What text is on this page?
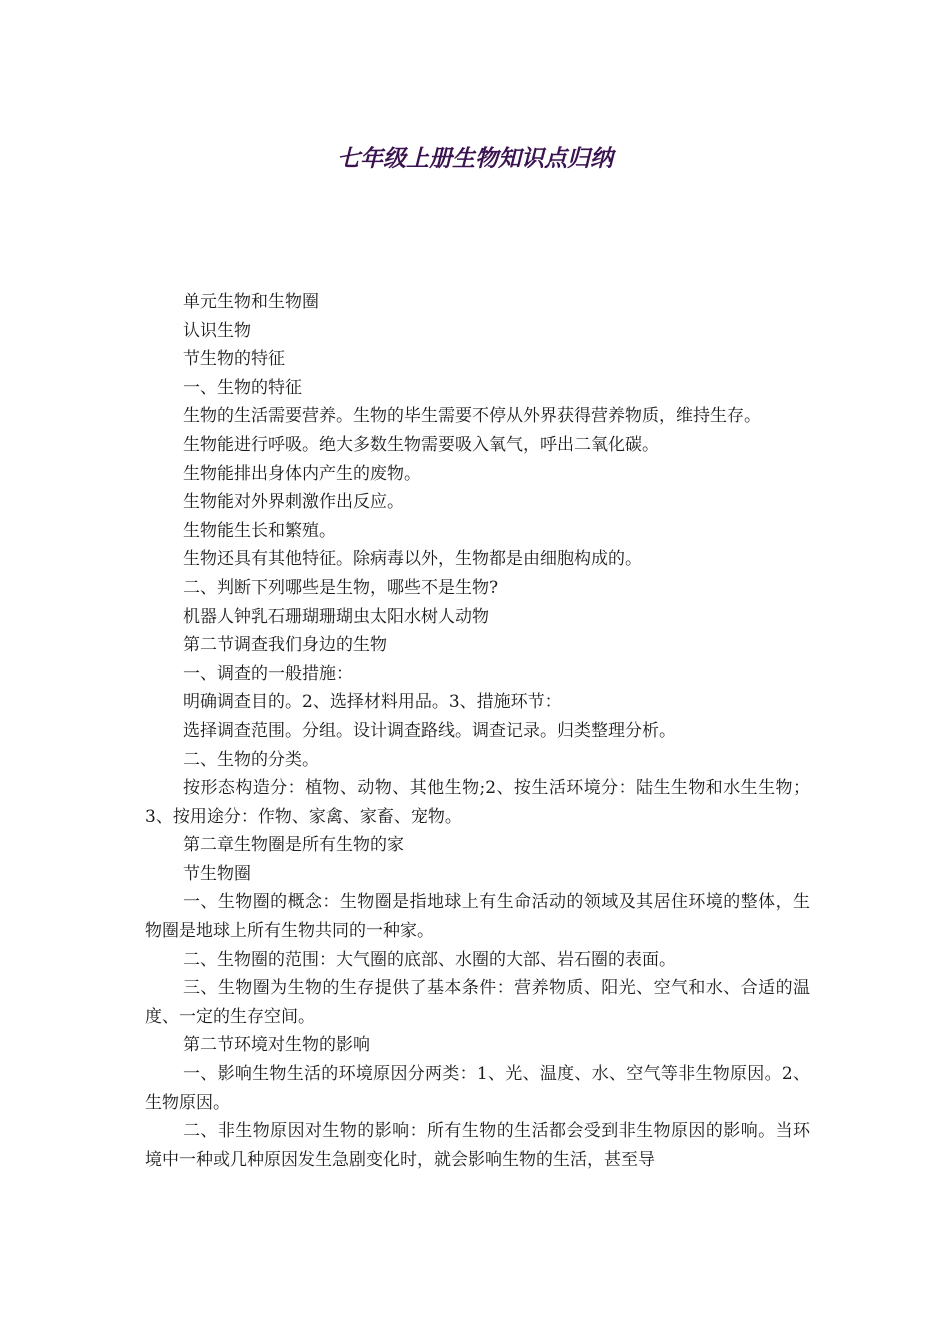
七年级上册生物知识点归纳

单元生物和生物圈

认识生物

节生物的特征

一、生物的特征

生物的生活需要营养。生物的毕生需要不停从外界获得营养物质，维持生存。

生物能进行呼吸。绝大多数生物需要吸入氧气，呼出二氧化碳。

生物能排出身体内产生的废物。

生物能对外界刺激作出反应。

生物能生长和繁殖。

生物还具有其他特征。除病毒以外，生物都是由细胞构成的。

二、判断下列哪些是生物，哪些不是生物?

机器人钟乳石珊瑚珊瑚虫太阳水树人动物

第二节调查我们身边的生物

一、调查的一般措施：

明确调查目的。2、选择材料用品。3、措施环节：

选择调查范围。分组。设计调查路线。调查记录。归类整理分析。

二、生物的分类。

按形态构造分：植物、动物、其他生物;2、按生活环境分：陆生生物和水生生物；3、按用途分：作物、家禽、家畜、宠物。

第二章生物圈是所有生物的家

节生物圈

一、生物圈的概念：生物圈是指地球上有生命活动的领域及其居住环境的整体，生物圈是地球上所有生物共同的一种家。

二、生物圈的范围：大气圈的底部、水圈的大部、岩石圈的表面。

三、生物圈为生物的生存提供了基本条件：营养物质、阳光、空气和水、合适的温度、一定的生存空间。

第二节环境对生物的影响

一、影响生物生活的环境原因分两类：1、光、温度、水、空气等非生物原因。2、生物原因。

二、非生物原因对生物的影响：所有生物的生活都会受到非生物原因的影响。当环境中一种或几种原因发生急剧变化时，就会影响生物的生活，甚至导
